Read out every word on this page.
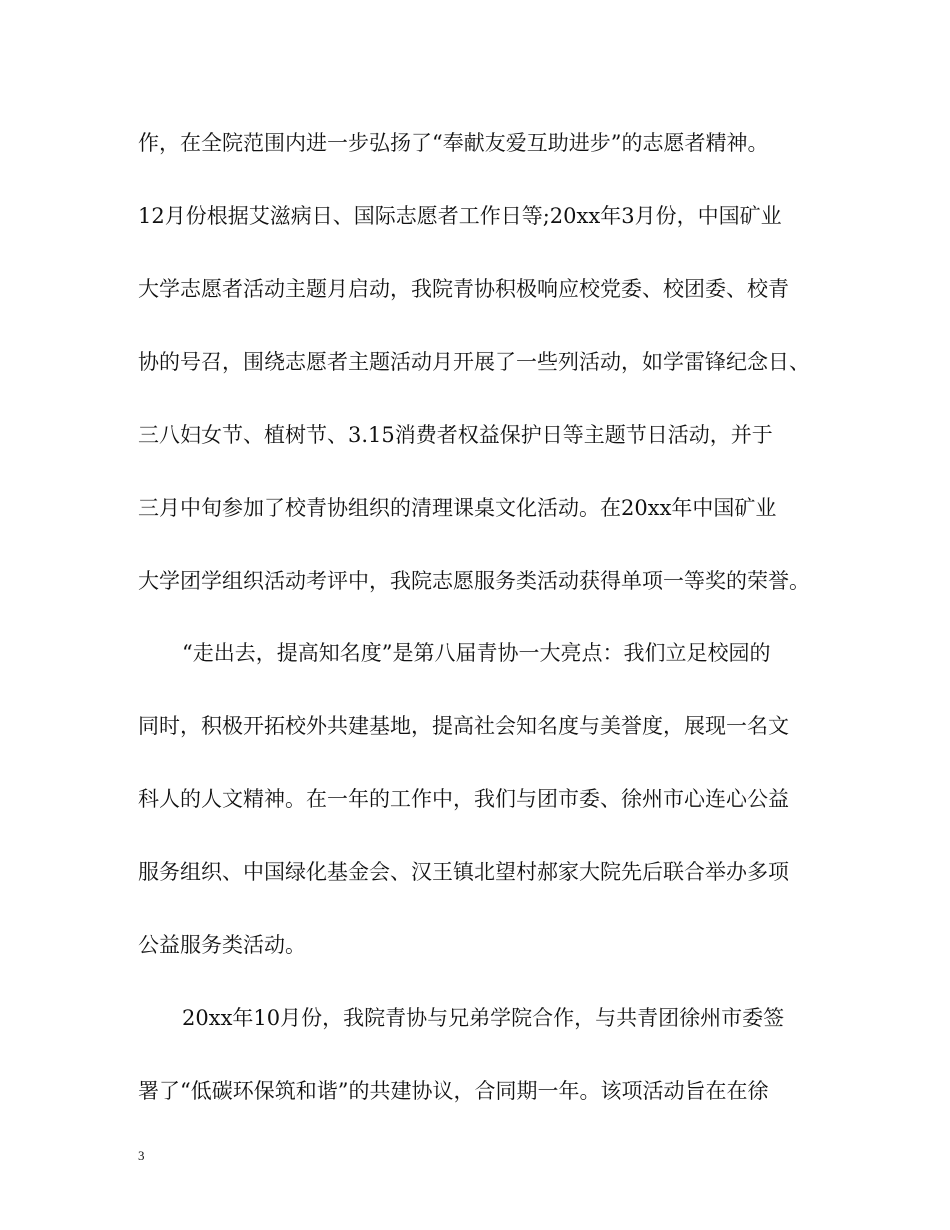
作，在全院范围内进一步弘扬了“奉献友爱互助进步”的志愿者精神。
12月份根据艾滋病日、国际志愿者工作日等;20xx年3月份，中国矿业
大学志愿者活动主题月启动，我院青协积极响应校党委、校团委、校青
协的号召，围绕志愿者主题活动月开展了一些列活动，如学雷锋纪念日、
三八妇女节、植树节、3.15消费者权益保护日等主题节日活动，并于
三月中旬参加了校青协组织的清理课桌文化活动。在20xx年中国矿业
大学团学组织活动考评中，我院志愿服务类活动获得单项一等奖的荣誉。
“走出去，提高知名度”是第八届青协一大亮点：我们立足校园的
同时，积极开拓校外共建基地，提高社会知名度与美誉度，展现一名文
科人的人文精神。在一年的工作中，我们与团市委、徐州市心连心公益
服务组织、中国绿化基金会、汉王镇北望村郝家大院先后联合举办多项
公益服务类活动。
20xx年10月份，我院青协与兄弟学院合作，与共青团徐州市委签
署了“低碳环保筑和谐”的共建协议，合同期一年。该项活动旨在在徐
3
